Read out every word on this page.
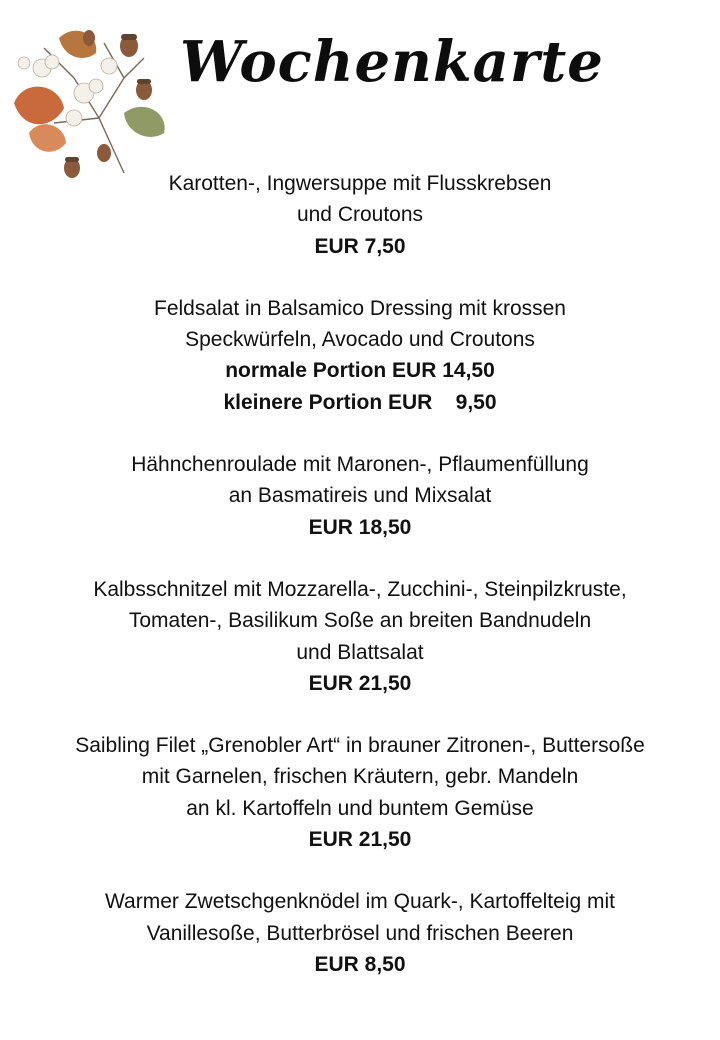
Wochenkarte
Karotten-, Ingwersuppe mit Flusskrebsen
und Croutons
EUR 7,50
Feldsalat in Balsamico Dressing mit krossen
Speckwürfeln, Avocado und Croutons
normale Portion EUR 14,50
kleinere Portion EUR    9,50
Hähnchenroulade mit Maronen-, Pflaumenfüllung
an Basmatireis und Mixsalat
EUR 18,50
Kalbsschnitzel mit Mozzarella-, Zucchini-, Steinpilzkruste,
Tomaten-, Basilikum Soße an breiten Bandnudeln
und Blattsalat
EUR 21,50
Saibling Filet „Grenobler Art“ in brauner Zitronen-, Buttersoße
mit Garnelen, frischen Kräutern, gebr. Mandeln
an kl. Kartoffeln und buntem Gemüse
EUR 21,50
Warmer Zwetschgenknödel im Quark-, Kartoffelteig mit
Vanillesoße, Butterbrösel und frischen Beeren
EUR 8,50
